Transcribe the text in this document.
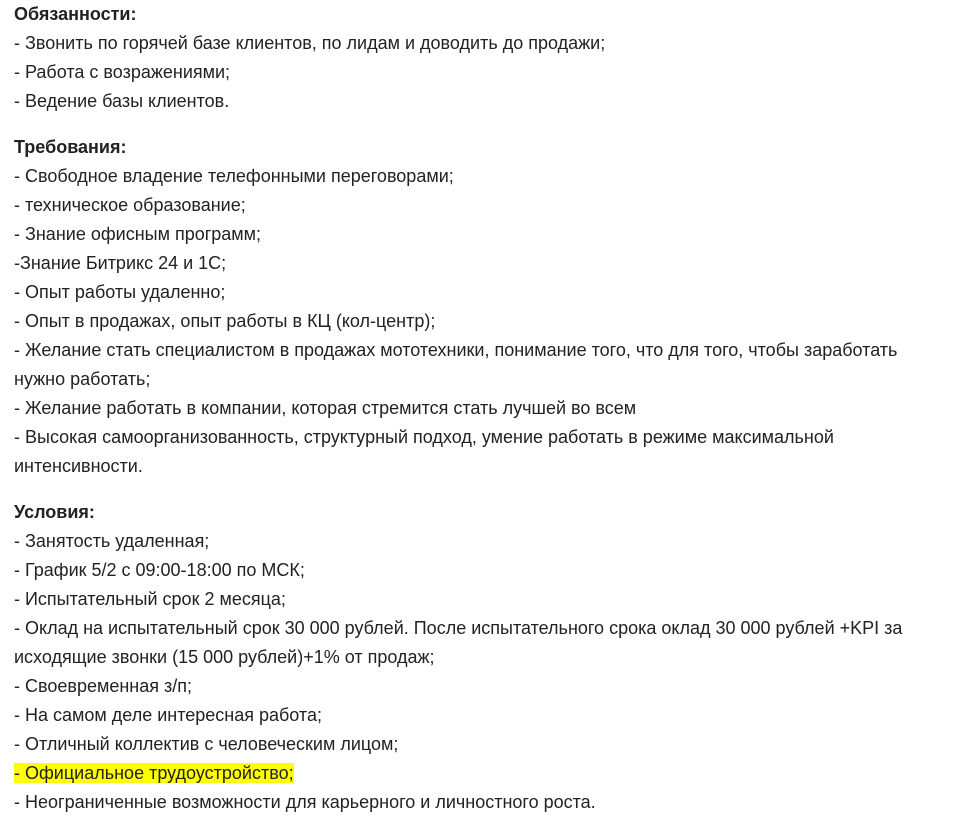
Обязанности:
- Звонить по горячей базе клиентов, по лидам и доводить до продажи;
- Работа с возражениями;
- Ведение базы клиентов.
Требования:
- Свободное владение телефонными переговорами;
- техническое образование;
- Знание офисным программ;
-Знание Битрикс 24 и 1С;
- Опыт работы удаленно;
- Опыт в продажах, опыт работы в КЦ (кол-центр);
- Желание стать специалистом в продажах мототехники, понимание того, что для того, чтобы заработать нужно работать;
- Желание работать в компании, которая стремится стать лучшей во всем
- Высокая самоорганизованность, структурный подход, умение работать в режиме максимальной интенсивности.
Условия:
- Занятость удаленная;
- График 5/2 с 09:00-18:00 по МСК;
- Испытательный срок 2 месяца;
- Оклад на испытательный срок 30 000 рублей. После испытательного срока оклад 30 000 рублей +KPI за исходящие звонки (15 000 рублей)+1% от продаж;
- Своевременная з/п;
- На самом деле интересная работа;
- Отличный коллектив с человеческим лицом;
- Официальное трудоустройство;
- Неограниченные возможности для карьерного и личностного роста.
